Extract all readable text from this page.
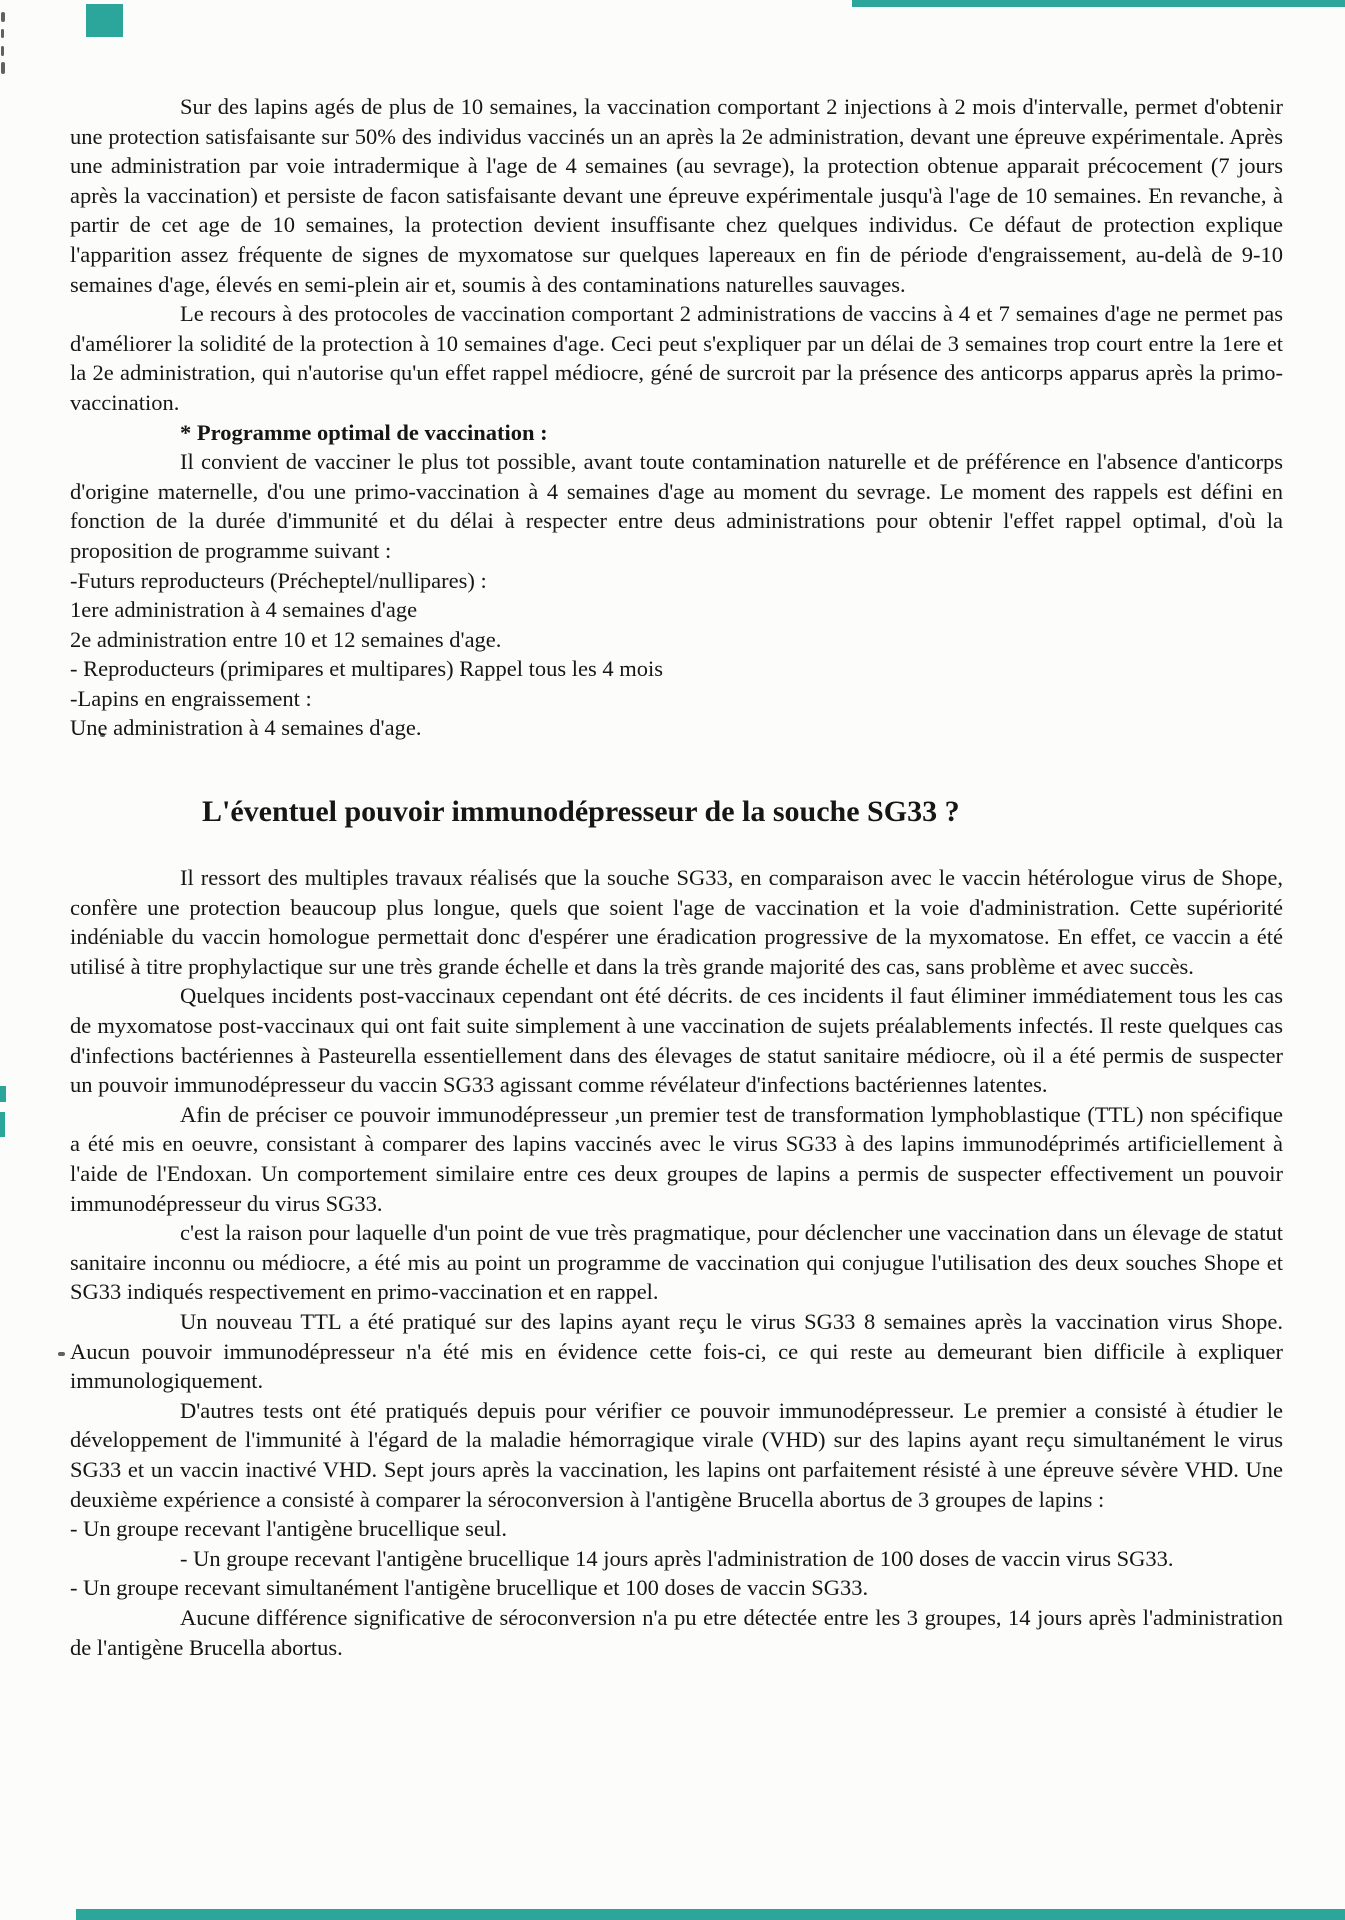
Sur des lapins agés de plus de 10 semaines, la vaccination comportant 2 injections à 2 mois d'intervalle, permet d'obtenir une protection satisfaisante sur 50% des individus vaccinés un an après la 2e administration, devant une épreuve expérimentale. Après une administration par voie intradermique à l'age de 4 semaines (au sevrage), la protection obtenue apparait précocement (7 jours après la vaccination) et persiste de facon satisfaisante devant une épreuve expérimentale jusqu'à l'age de 10 semaines. En revanche, à partir de cet age de 10 semaines, la protection devient insuffisante chez quelques individus. Ce défaut de protection explique l'apparition assez fréquente de signes de myxomatose sur quelques lapereaux en fin de période d'engraissement, au-delà de 9-10 semaines d'age, élevés en semi-plein air et, soumis à des contaminations naturelles sauvages.

Le recours à des protocoles de vaccination comportant 2 administrations de vaccins à 4 et 7 semaines d'age ne permet pas d'améliorer la solidité de la protection à 10 semaines d'age. Ceci peut s'expliquer par un délai de 3 semaines trop court entre la 1ere et la 2e administration, qui n'autorise qu'un effet rappel médiocre, géné de surcroit par la présence des anticorps apparus après la primo-vaccination.

* Programme optimal de vaccination :

Il convient de vacciner le plus tot possible, avant toute contamination naturelle et de préférence en l'absence d'anticorps d'origine maternelle, d'ou une primo-vaccination à 4 semaines d'age au moment du sevrage. Le moment des rappels est défini en fonction de la durée d'immunité et du délai à respecter entre deus administrations pour obtenir l'effet rappel optimal, d'où la proposition de programme suivant :

-Futurs reproducteurs (Précheptel/nullipares) :

1ere administration à 4 semaines d'age

2e administration entre 10 et 12 semaines d'age.

- Reproducteurs (primipares et multipares) Rappel tous les 4 mois

-Lapins en engraissement :

Une administration à 4 semaines d'age.

L'éventuel pouvoir immunodépresseur de la souche SG33 ?

Il ressort des multiples travaux réalisés que la souche SG33, en comparaison avec le vaccin hétérologue virus de Shope, confère une protection beaucoup plus longue, quels que soient l'age de vaccination et la voie d'administration. Cette supériorité indéniable du vaccin homologue permettait donc d'espérer une éradication progressive de la myxomatose. En effet, ce vaccin a été utilisé à titre prophylactique sur une très grande échelle et dans la très grande majorité des cas, sans problème et avec succès.

Quelques incidents post-vaccinaux cependant ont été décrits. de ces incidents il faut éliminer immédiatement tous les cas de myxomatose post-vaccinaux qui ont fait suite simplement à une vaccination de sujets préalablements infectés. Il reste quelques cas d'infections bactériennes à Pasteurella essentiellement dans des élevages de statut sanitaire médiocre, où il a été permis de suspecter un pouvoir immunodépresseur du vaccin SG33 agissant comme révélateur d'infections bactériennes latentes.

Afin de préciser ce pouvoir immunodépresseur ,un premier test de transformation lymphoblastique (TTL) non spécifique a été mis en oeuvre, consistant à comparer des lapins vaccinés avec le virus SG33 à des lapins immunodéprimés artificiellement à l'aide de l'Endoxan. Un comportement similaire entre ces deux groupes de lapins a permis de suspecter effectivement un pouvoir immunodépresseur du virus SG33.

c'est la raison pour laquelle d'un point de vue très pragmatique, pour déclencher une vaccination dans un élevage de statut sanitaire inconnu ou médiocre, a été mis au point un programme de vaccination qui conjugue l'utilisation des deux souches Shope et SG33 indiqués respectivement en primo-vaccination et en rappel.

Un nouveau TTL a été pratiqué sur des lapins ayant reçu le virus SG33 8 semaines après la vaccination virus Shope. Aucun pouvoir immunodépresseur n'a été mis en évidence cette fois-ci, ce qui reste au demeurant bien difficile à expliquer immunologiquement.

D'autres tests ont été pratiqués depuis pour vérifier ce pouvoir immunodépresseur. Le premier a consisté à étudier le développement de l'immunité à l'égard de la maladie hémorragique virale (VHD) sur des lapins ayant reçu simultanément le virus SG33 et un vaccin inactivé VHD. Sept jours après la vaccination, les lapins ont parfaitement résisté à une épreuve sévère VHD. Une deuxième expérience a consisté à comparer la séroconversion à l'antigène Brucella abortus de 3 groupes de lapins :

- Un groupe recevant l'antigène brucellique seul.

- Un groupe recevant l'antigène brucellique 14 jours après l'administration de 100 doses de vaccin virus SG33.

- Un groupe recevant simultanément l'antigène brucellique et 100 doses de vaccin SG33.

Aucune différence significative de séroconversion n'a pu etre détectée entre les 3 groupes, 14 jours après l'administration de l'antigène Brucella abortus.
